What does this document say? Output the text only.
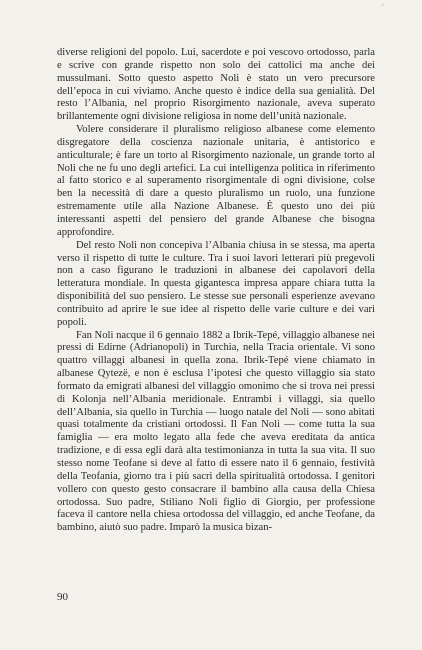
ʻ

diverse religioni del popolo. Lui, sacerdote e poi vescovo ortodosso, parla e scrive con grande rispetto non solo dei cattolici ma anche dei mussulmani. Sotto questo aspetto Noli è stato un vero precursore dell’epoca in cui viviamo. Anche questo è indice della sua genialità. Del resto l’Albania, nel proprio Risorgimento nazionale, aveva superato brillantemente ogni divisione religiosa in nome dell’unità nazionale.

Volere considerare il pluralismo religioso albanese come elemento disgregatore della coscienza nazionale unitaria, è antistorico e anticulturale; è fare un torto al Risorgimento nazionale, un grande torto al Noli che ne fu uno degli artefici. La cui intelligenza politica in riferimento al fatto storico e al superamento risorgimentale di ogni divisione, colse ben la necessità di dare a questo pluralismo un ruolo, una funzione estremamente utile alla Nazione Albanese. È questo uno dei più interessanti aspetti del pensiero del grande Albanese che bisogna approfondire.

Del resto Noli non concepiva l’Albania chiusa in se stessa, ma aperta verso il rispetto di tutte le culture. Tra i suoi lavori letterari più pregevoli non a caso figurano le traduzioni in albanese dei capolavori della letteratura mondiale. In questa gigantesca impresa appare chiara tutta la disponibilità del suo pensiero. Le stesse sue personali esperienze avevano contribuito ad aprire le sue idee al rispetto delle varie culture e dei vari popoli.

Fan Noli nacque il 6 gennaio 1882 a Ibrik-Tepé, villaggio albanese nei pressi di Edirne (Adrianopoli) in Turchia, nella Tracia orientale. Vi sono quattro villaggi albanesi in quella zona. Ibrik-Tepé viene chiamato in albanese Qytezë, e non è esclusa l’ipotesi che questo villaggio sia stato formato da emigrati albanesi del villaggio omonimo che si trova nei pressi di Kolonja nell’Albania meridionale. Entrambi i villaggi, sia quello dell’Albania, sia quello in Turchia — luogo natale del Noli — sono abitati quasi totalmente da cristiani ortodossi. Il Fan Noli — come tutta la sua famiglia — era molto legato alla fede che aveva ereditata da antica tradizione, e di essa egli darà alta testimonianza in tutta la sua vita. Il suo stesso nome Teofane si deve al fatto di essere nato il 6 gennaio, festività della Teofania, giorno tra i più sacri della spiritualità ortodossa. I genitori vollero con questo gesto consacrare il bambino alla causa della Chiesa ortodossa. Suo padre, Stiliano Noli figlio di Giorgio, per professione faceva il cantore nella chiesa ortodossa del villaggio, ed anche Teofane, da bambino, aiutò suo padre. Imparò la musica bizan-

90
